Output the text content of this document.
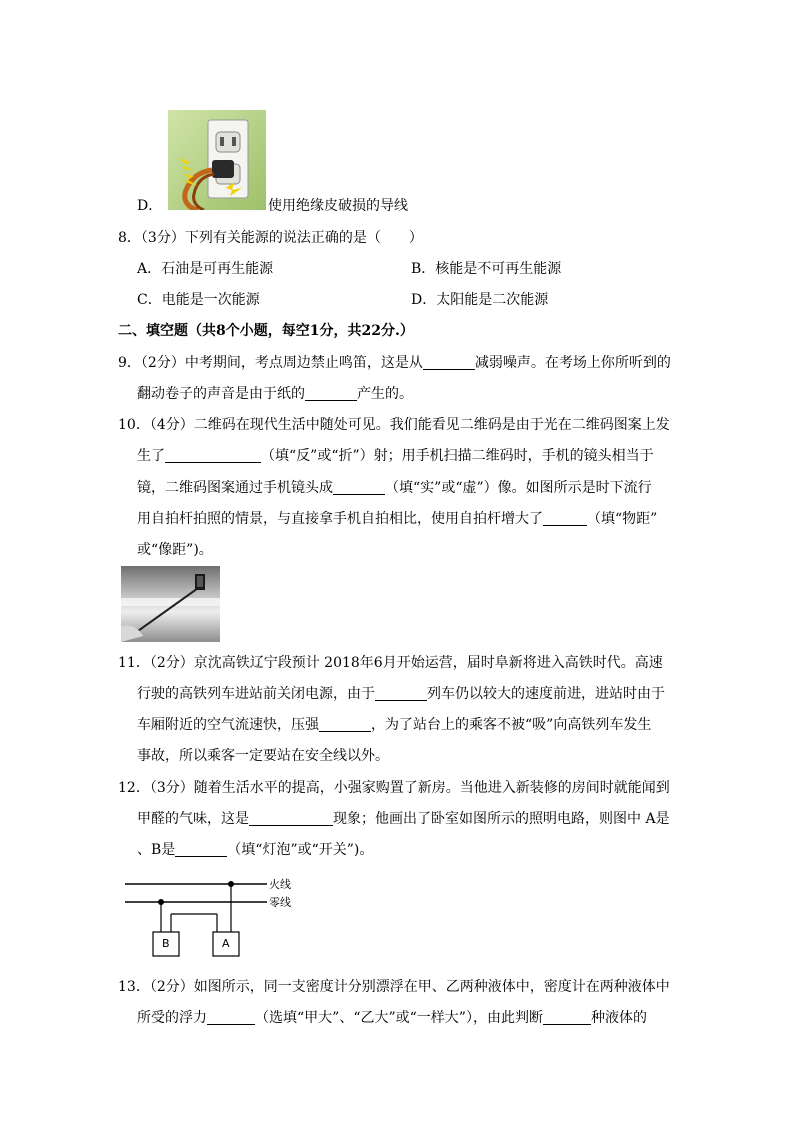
D．	使用绝缘皮破损的导线
8．（3分）下列有关能源的说法正确的是（　　）
A．石油是可再生能源	B．核能是不可再生能源
C．电能是一次能源	D．太阳能是二次能源
二、填空题（共8个小题，每空1分，共22分.）
9．（2分）中考期间，考点周边禁止鸣笛，这是从	减弱噪声。在考场上你所听到的
翻动卷子的声音是由于纸的	产生的。
10．（4分）二维码在现代生活中随处可见。我们能看见二维码是由于光在二维码图案上发
生了	（填“反”或“折”）射；用手机扫描二维码时，手机的镜头相当于
镜，二维码图案通过手机镜头成	（填“实”或“虚”）像。如图所示是时下流行
用自拍杆拍照的情景，与直接拿手机自拍相比，使用自拍杆增大了	（填“物距”
或“像距”)。
11．（2分）京沈高铁辽宁段预计 2018年6月开始运营，届时阜新将进入高铁时代。高速
行驶的高铁列车进站前关闭电源，由于	列车仍以较大的速度前进，进站时由于
车厢附近的空气流速快，压强	，为了站台上的乘客不被“吸”向高铁列车发生
事故，所以乘客一定要站在安全线以外。
12．（3分）随着生活水平的提高，小强家购置了新房。当他进入新装修的房间时就能闻到
甲醛的气味，这是	现象；他画出了卧室如图所示的照明电路，则图中 A是
、B是	（填“灯泡”或“开关”)。
火线
零线
B	A
13．（2分）如图所示，同一支密度计分别漂浮在甲、乙两种液体中，密度计在两种液体中
所受的浮力	（选填“甲大”、“乙大”或“一样大”），由此判断	种液体的
